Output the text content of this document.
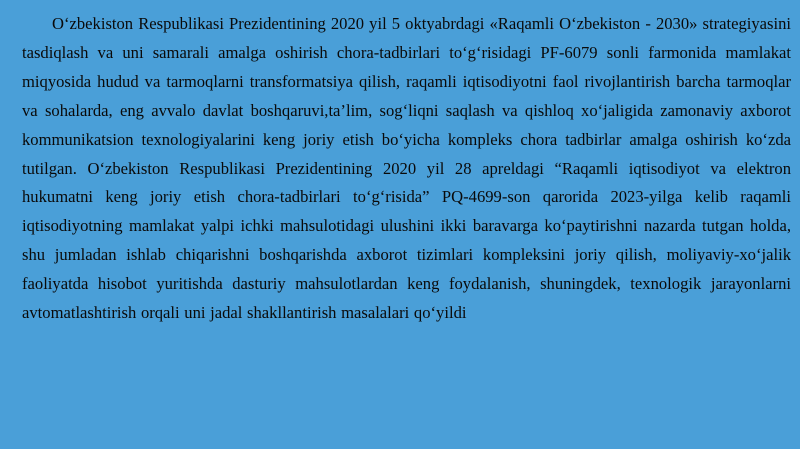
O‘zbekiston Respublikasi Prezidentining 2020 yil 5 oktyabrdagi «Raqamli O‘zbekiston - 2030» strategiyasini tasdiqlash va uni samarali amalga oshirish chora-tadbirlari to‘g‘risidagi PF-6079 sonli farmonida mamlakat miqyosida hudud va tarmoqlarni transformatsiya qilish, raqamli iqtisodiyotni faol rivojlantirish barcha tarmoqlar va sohalarda, eng avvalo davlat boshqaruvi,ta’lim, sog‘liqni saqlash va qishloq xo‘jaligida zamonaviy axborot kommunikatsion texnologiyalarini keng joriy etish bo‘yicha kompleks chora tadbirlar amalga oshirish ko‘zda tutilgan. O‘zbekiston Respublikasi Prezidentining 2020 yil 28 apreldagi “Raqamli iqtisodiyot va elektron hukumatni keng joriy etish chora-tadbirlari to‘g‘risida” PQ-4699-son qarorida 2023-yilga kelib raqamli iqtisodiyotning mamlakat yalpi ichki mahsulotidagi ulushini ikki baravarga ko‘paytirishni nazarda tutgan holda, shu jumladan ishlab chiqarishni boshqarishda axborot tizimlari kompleksini joriy qilish, moliyaviy-xo‘jalik faoliyatda hisobot yuritishda dasturiy mahsulotlardan keng foydalanish, shuningdek, texnologik jarayonlarni avtomatlashtirish orqali uni jadal shakllantirish masalalari qo‘yildi
